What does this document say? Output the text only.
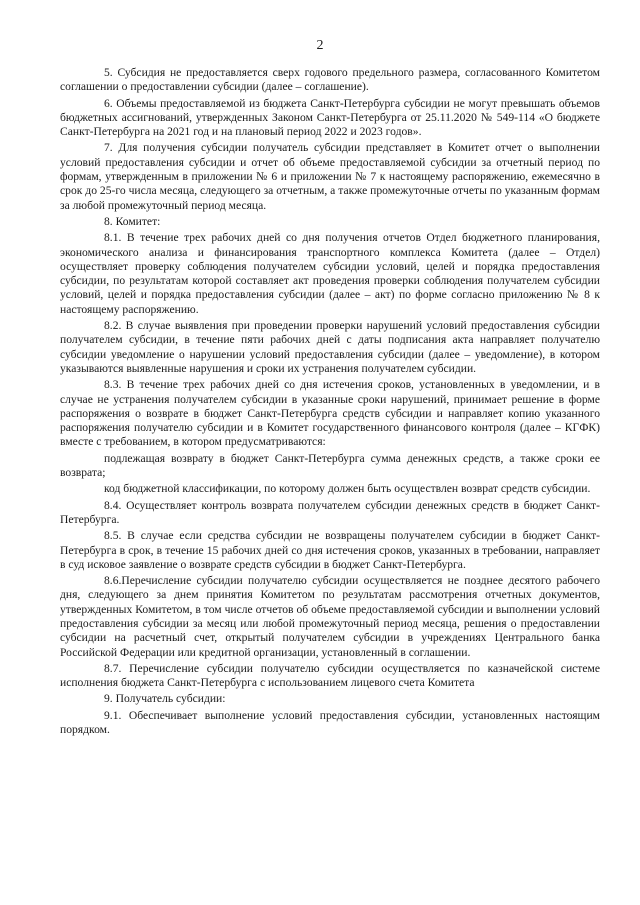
2

5. Субсидия не предоставляется сверх годового предельного размера, согласованного Комитетом соглашении о предоставлении субсидии (далее – соглашение).

6. Объемы предоставляемой из бюджета Санкт-Петербурга субсидии не могут превышать объемов бюджетных ассигнований, утвержденных Законом Санкт-Петербурга от 25.11.2020 № 549-114 «О бюджете Санкт-Петербурга на 2021 год и на плановый период 2022 и 2023 годов».

7. Для получения субсидии получатель субсидии представляет в Комитет отчет о выполнении условий предоставления субсидии и отчет об объеме предоставляемой субсидии за отчетный период по формам, утвержденным в приложении № 6 и приложении № 7 к настоящему распоряжению, ежемесячно в срок до 25-го числа месяца, следующего за отчетным, а также промежуточные отчеты по указанным формам за любой промежуточный период месяца.

8. Комитет:

8.1. В течение трех рабочих дней со дня получения отчетов Отдел бюджетного планирования, экономического анализа и финансирования транспортного комплекса Комитета (далее – Отдел) осуществляет проверку соблюдения получателем субсидии условий, целей и порядка предоставления субсидии, по результатам которой составляет акт проведения проверки соблюдения получателем субсидии условий, целей и порядка предоставления субсидии (далее – акт) по форме согласно приложению № 8 к настоящему распоряжению.

8.2. В случае выявления при проведении проверки нарушений условий предоставления субсидии получателем субсидии, в течение пяти рабочих дней с даты подписания акта направляет получателю субсидии уведомление о нарушении условий предоставления субсидии (далее – уведомление), в котором указываются выявленные нарушения и сроки их устранения получателем субсидии.

8.3. В течение трех рабочих дней со дня истечения сроков, установленных в уведомлении, и в случае не устранения получателем субсидии в указанные сроки нарушений, принимает решение в форме распоряжения о возврате в бюджет Санкт-Петербурга средств субсидии и направляет копию указанного распоряжения получателю субсидии и в Комитет государственного финансового контроля (далее – КГФК) вместе с требованием, в котором предусматриваются:

подлежащая возврату в бюджет Санкт-Петербурга сумма денежных средств, а также сроки ее возврата;

код бюджетной классификации, по которому должен быть осуществлен возврат средств субсидии.

8.4. Осуществляет контроль возврата получателем субсидии денежных средств в бюджет Санкт-Петербурга.

8.5. В случае если средства субсидии не возвращены получателем субсидии в бюджет Санкт-Петербурга в срок, в течение 15 рабочих дней со дня истечения сроков, указанных в требовании, направляет в суд исковое заявление о возврате средств субсидии в бюджет Санкт-Петербурга.

8.6.Перечисление субсидии получателю субсидии осуществляется не позднее десятого рабочего дня, следующего за днем принятия Комитетом по результатам рассмотрения отчетных документов, утвержденных Комитетом, в том числе отчетов об объеме предоставляемой субсидии и выполнении условий предоставления субсидии за месяц или любой промежуточный период месяца, решения о предоставлении субсидии на расчетный счет, открытый получателем субсидии в учреждениях Центрального банка Российской Федерации или кредитной организации, установленный в соглашении.

8.7. Перечисление субсидии получателю субсидии осуществляется по казначейской системе исполнения бюджета Санкт-Петербурга с использованием лицевого счета Комитета

9. Получатель субсидии:

9.1. Обеспечивает выполнение условий предоставления субсидии, установленных настоящим порядком.
